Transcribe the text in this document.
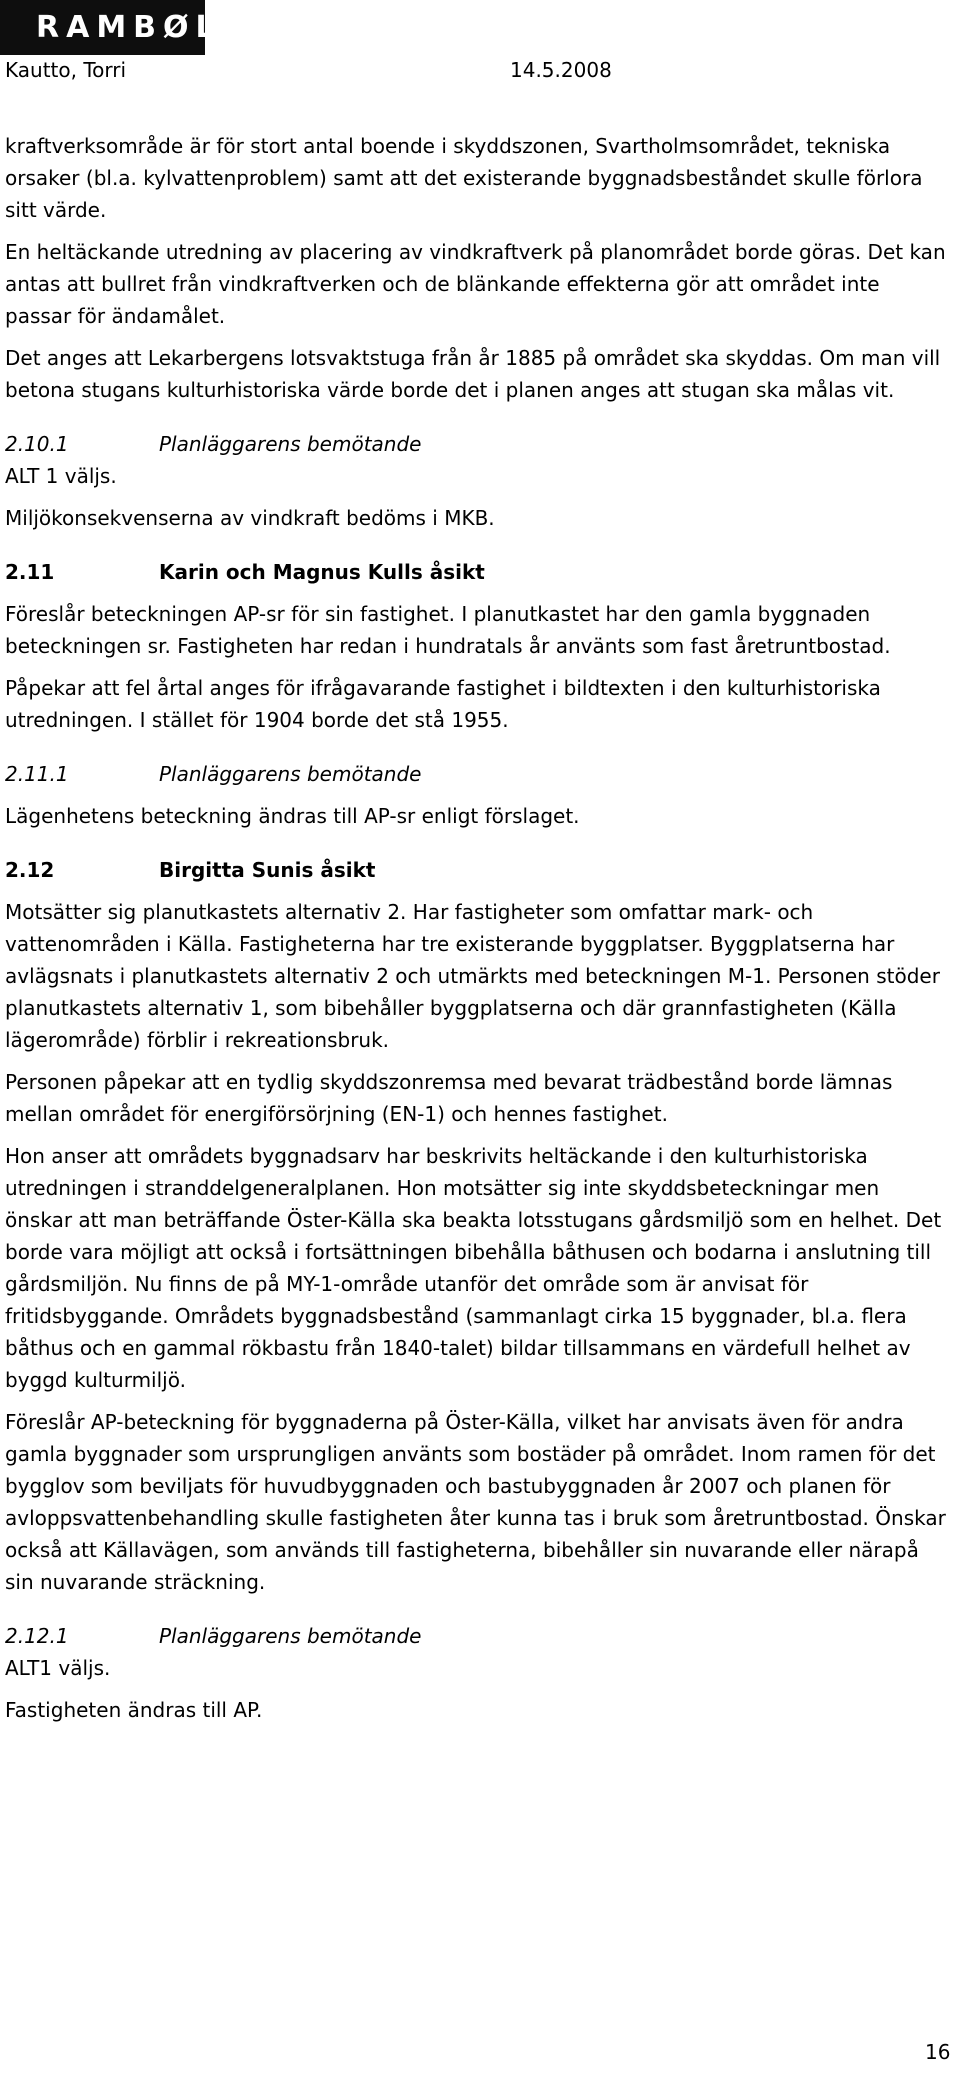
RAMBØLL
Kautto, Torri	14.5.2008

kraftverksområde är för stort antal boende i skyddszonen, Svartholmsområdet, tekniska orsaker (bl.a. kylvattenproblem) samt att det existerande byggnadsbeståndet skulle förlora sitt värde.

En heltäckande utredning av placering av vindkraftverk på planområdet borde göras. Det kan antas att bullret från vindkraftverken och de blänkande effekterna gör att området inte passar för ändamålet.

Det anges att Lekarbergens lotsvaktstuga från år 1885 på området ska skyddas. Om man vill betona stugans kulturhistoriska värde borde det i planen anges att stugan ska målas vit.

2.10.1	Planläggarens bemötande

ALT 1 väljs.

Miljökonsekvenserna av vindkraft bedöms i MKB.

2.11	Karin och Magnus Kulls åsikt

Föreslår beteckningen AP-sr för sin fastighet. I planutkastet har den gamla byggnaden beteckningen sr. Fastigheten har redan i hundratals år använts som fast åretruntbostad.

Påpekar att fel årtal anges för ifrågavarande fastighet i bildtexten i den kulturhistoriska utredningen. I stället för 1904 borde det stå 1955.

2.11.1	Planläggarens bemötande

Lägenhetens beteckning ändras till AP-sr enligt förslaget.

2.12	Birgitta Sunis åsikt

Motsätter sig planutkastets alternativ 2. Har fastigheter som omfattar mark- och vattenområden i Källa. Fastigheterna har tre existerande byggplatser. Byggplatserna har avlägsnats i planutkastets alternativ 2 och utmärkts med beteckningen M-1. Personen stöder planutkastets alternativ 1, som bibehåller byggplatserna och där grannfastigheten (Källa lägerområde) förblir i rekreationsbruk.

Personen påpekar att en tydlig skyddszonremsa med bevarat trädbestånd borde lämnas mellan området för energiförsörjning (EN-1) och hennes fastighet.

Hon anser att områdets byggnadsarv har beskrivits heltäckande i den kulturhistoriska utredningen i stranddelgeneralplanen. Hon motsätter sig inte skyddsbeteckningar men önskar att man beträffande Öster-Källa ska beakta lotsstugans gårdsmiljö som en helhet. Det borde vara möjligt att också i fortsättningen bibehålla båthusen och bodarna i anslutning till gårdsmiljön. Nu finns de på MY-1-område utanför det område som är anvisat för fritidsbyggande. Områdets byggnadsbestånd (sammanlagt cirka 15 byggnader, bl.a. flera båthus och en gammal rökbastu från 1840-talet) bildar tillsammans en värdefull helhet av byggd kulturmiljö.

Föreslår AP-beteckning för byggnaderna på Öster-Källa, vilket har anvisats även för andra gamla byggnader som ursprungligen använts som bostäder på området. Inom ramen för det bygglov som beviljats för huvudbyggnaden och bastubyggnaden år 2007 och planen för avloppsvattenbehandling skulle fastigheten åter kunna tas i bruk som åretruntbostad. Önskar också att Källavägen, som används till fastigheterna, bibehåller sin nuvarande eller närapå sin nuvarande sträckning.

2.12.1	Planläggarens bemötande

ALT1 väljs.

Fastigheten ändras till AP.

16
